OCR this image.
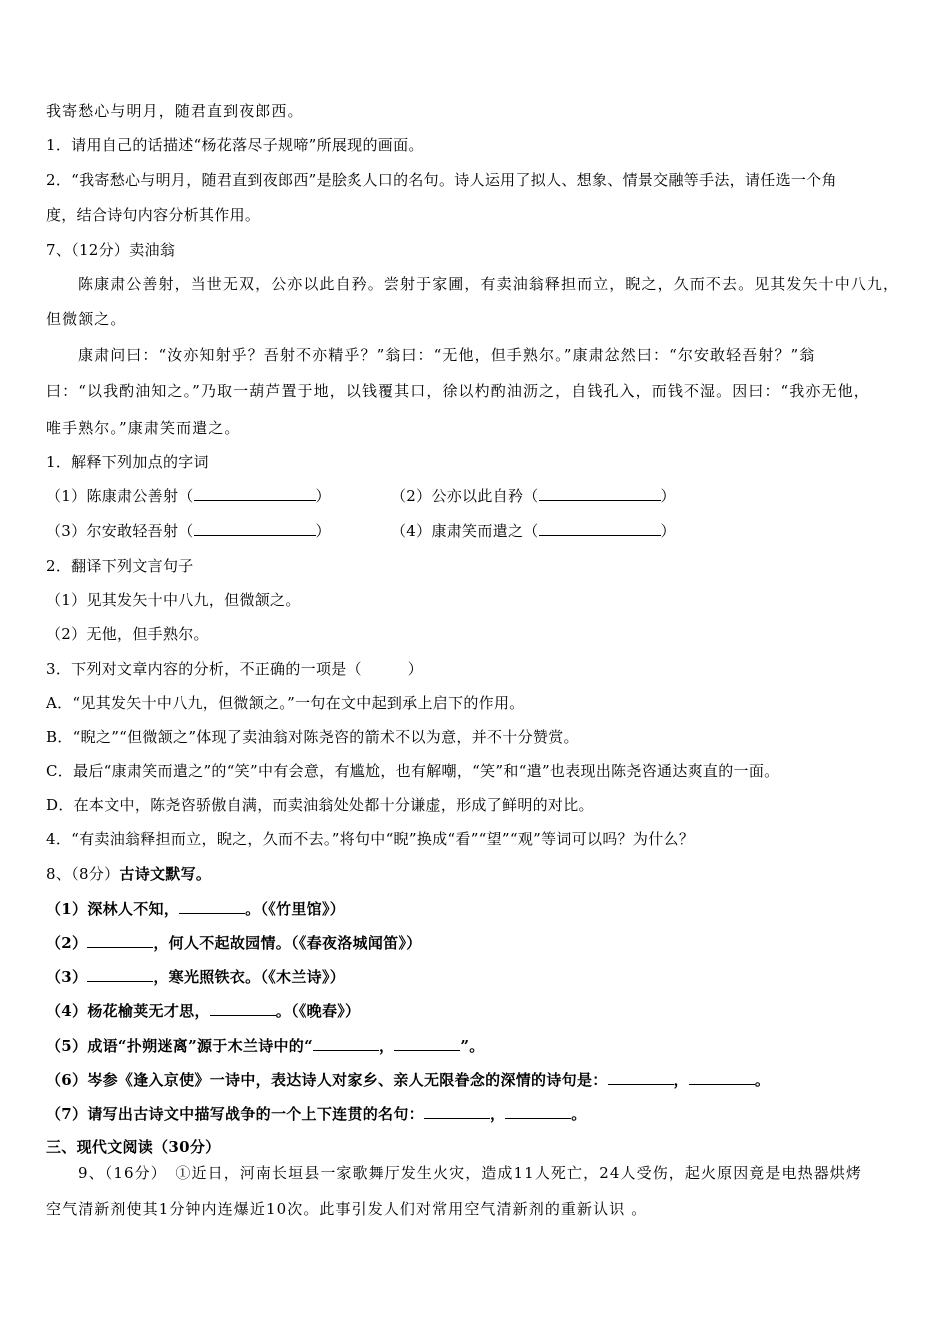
我寄愁心与明月，随君直到夜郎西。
1．请用自己的话描述“杨花落尽子规啼”所展现的画面。
2．“我寄愁心与明月，随君直到夜郎西”是脍炙人口的名句。诗人运用了拟人、想象、情景交融等手法，请任选一个角
度，结合诗句内容分析其作用。
7、（12分）卖油翁
陈康肃公善射，当世无双，公亦以此自矜。尝射于家圃，有卖油翁释担而立，睨之，久而不去。见其发矢十中八九，
但微颔之。
康肃问曰：“汝亦知射乎？吾射不亦精乎？”翁曰：“无他，但手熟尔。”康肃忿然曰：“尔安敢轻吾射？”翁
曰：“以我酌油知之。”乃取一葫芦置于地，以钱覆其口，徐以杓酌油沥之，自钱孔入，而钱不湿。因曰：“我亦无他，
唯手熟尔。”康肃笑而遣之。
1．解释下列加点的字词
（1）陈康肃公善射（	）	（2）公亦以此自矜（	）
（3）尔安敢轻吾射（	）	（4）康肃笑而遣之（	）
2．翻译下列文言句子
（1）见其发矢十中八九，但微颔之。
（2）无他，但手熟尔。
3．下列对文章内容的分析，不正确的一项是（　　　）
A．“见其发矢十中八九，但微颔之。”一句在文中起到承上启下的作用。
B．“睨之”“但微颔之”体现了卖油翁对陈尧咨的箭术不以为意，并不十分赞赏。
C．最后“康肃笑而遣之”的“笑”中有会意，有尴尬，也有解嘲，“笑”和“遣”也表现出陈尧咨通达爽直的一面。
D．在本文中，陈尧咨骄傲自满，而卖油翁处处都十分谦虚，形成了鲜明的对比。
4．“有卖油翁释担而立，睨之，久而不去。”将句中“睨”换成“看”“望”“观”等词可以吗？为什么？
8、（8分）古诗文默写。
（1）深林人不知，	。（《竹里馆》）
（2）	，何人不起故园情。（《春夜洛城闻笛》）
（3）	，寒光照铁衣。（《木兰诗》）
（4）杨花榆荚无才思，	。（《晚春》）
（5）成语“扑朔迷离”源于木兰诗中的“	，	”。
（6）岑参《逢入京使》一诗中，表达诗人对家乡、亲人无限眷念的深情的诗句是：	，	。
（7）请写出古诗文中描写战争的一个上下连贯的名句：	，	。
三、现代文阅读（30分）
9、（16分）　①近日，河南长垣县一家歌舞厅发生火灾，造成11人死亡，24人受伤，起火原因竟是电热器烘烤
空气清新剂使其1分钟内连爆近10次。此事引发人们对常用空气清新剂的重新认识 。
